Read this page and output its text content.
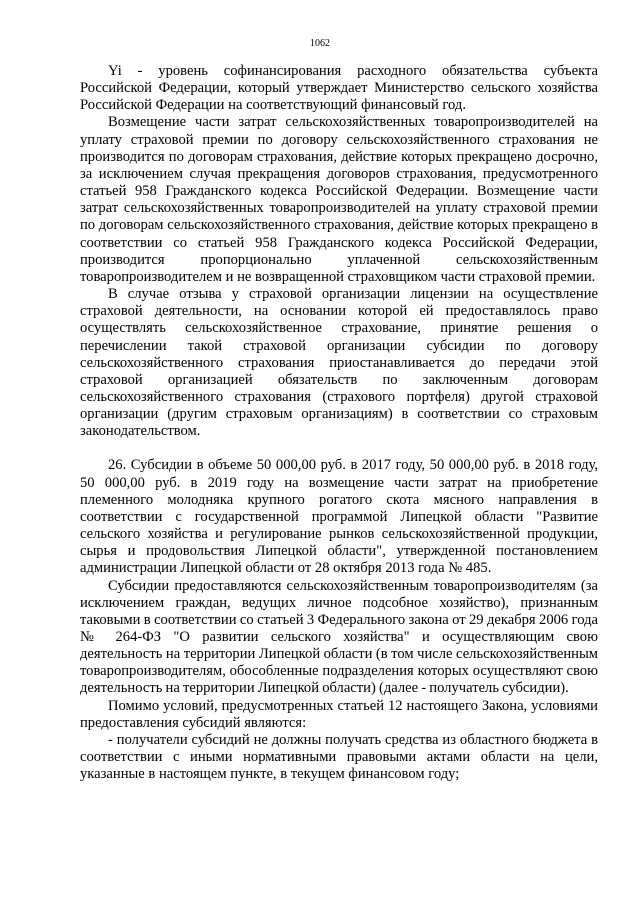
1062

Yi - уровень софинансирования расходного обязательства субъекта Российской Федерации, который утверждает Министерство сельского хозяйства Российской Федерации на соответствующий финансовый год.

Возмещение части затрат сельскохозяйственных товаропроизводителей на уплату страховой премии по договору сельскохозяйственного страхования не производится по договорам страхования, действие которых прекращено досрочно, за исключением случая прекращения договоров страхования, предусмотренного статьей 958 Гражданского кодекса Российской Федерации. Возмещение части затрат сельскохозяйственных товаропроизводителей на уплату страховой премии по договорам сельскохозяйственного страхования, действие которых прекращено в соответствии со статьей 958 Гражданского кодекса Российской Федерации, производится пропорционально уплаченной сельскохозяйственным товаропроизводителем и не возвращенной страховщиком части страховой премии.

В случае отзыва у страховой организации лицензии на осуществление страховой деятельности, на основании которой ей предоставлялось право осуществлять сельскохозяйственное страхование, принятие решения о перечислении такой страховой организации субсидии по договору сельскохозяйственного страхования приостанавливается до передачи этой страховой организацией обязательств по заключенным договорам сельскохозяйственного страхования (страхового портфеля) другой страховой организации (другим страховым организациям) в соответствии со страховым законодательством.

26. Субсидии в объеме 50 000,00 руб. в 2017 году, 50 000,00 руб. в 2018 году, 50 000,00 руб. в 2019 году на возмещение части затрат на приобретение племенного молодняка крупного рогатого скота мясного направления в соответствии с государственной программой Липецкой области "Развитие сельского хозяйства и регулирование рынков сельскохозяйственной продукции, сырья и продовольствия Липецкой области", утвержденной постановлением администрации Липецкой области от 28 октября 2013 года № 485.

Субсидии предоставляются сельскохозяйственным товаропроизводителям (за исключением граждан, ведущих личное подсобное хозяйство), признанным таковыми в соответствии со статьей 3 Федерального закона от 29 декабря 2006 года № 264-ФЗ "О развитии сельского хозяйства" и осуществляющим свою деятельность на территории Липецкой области (в том числе сельскохозяйственным товаропроизводителям, обособленные подразделения которых осуществляют свою деятельность на территории Липецкой области) (далее - получатель субсидии).

Помимо условий, предусмотренных статьей 12 настоящего Закона, условиями предоставления субсидий являются:

- получатели субсидий не должны получать средства из областного бюджета в соответствии с иными нормативными правовыми актами области на цели, указанные в настоящем пункте, в текущем финансовом году;
